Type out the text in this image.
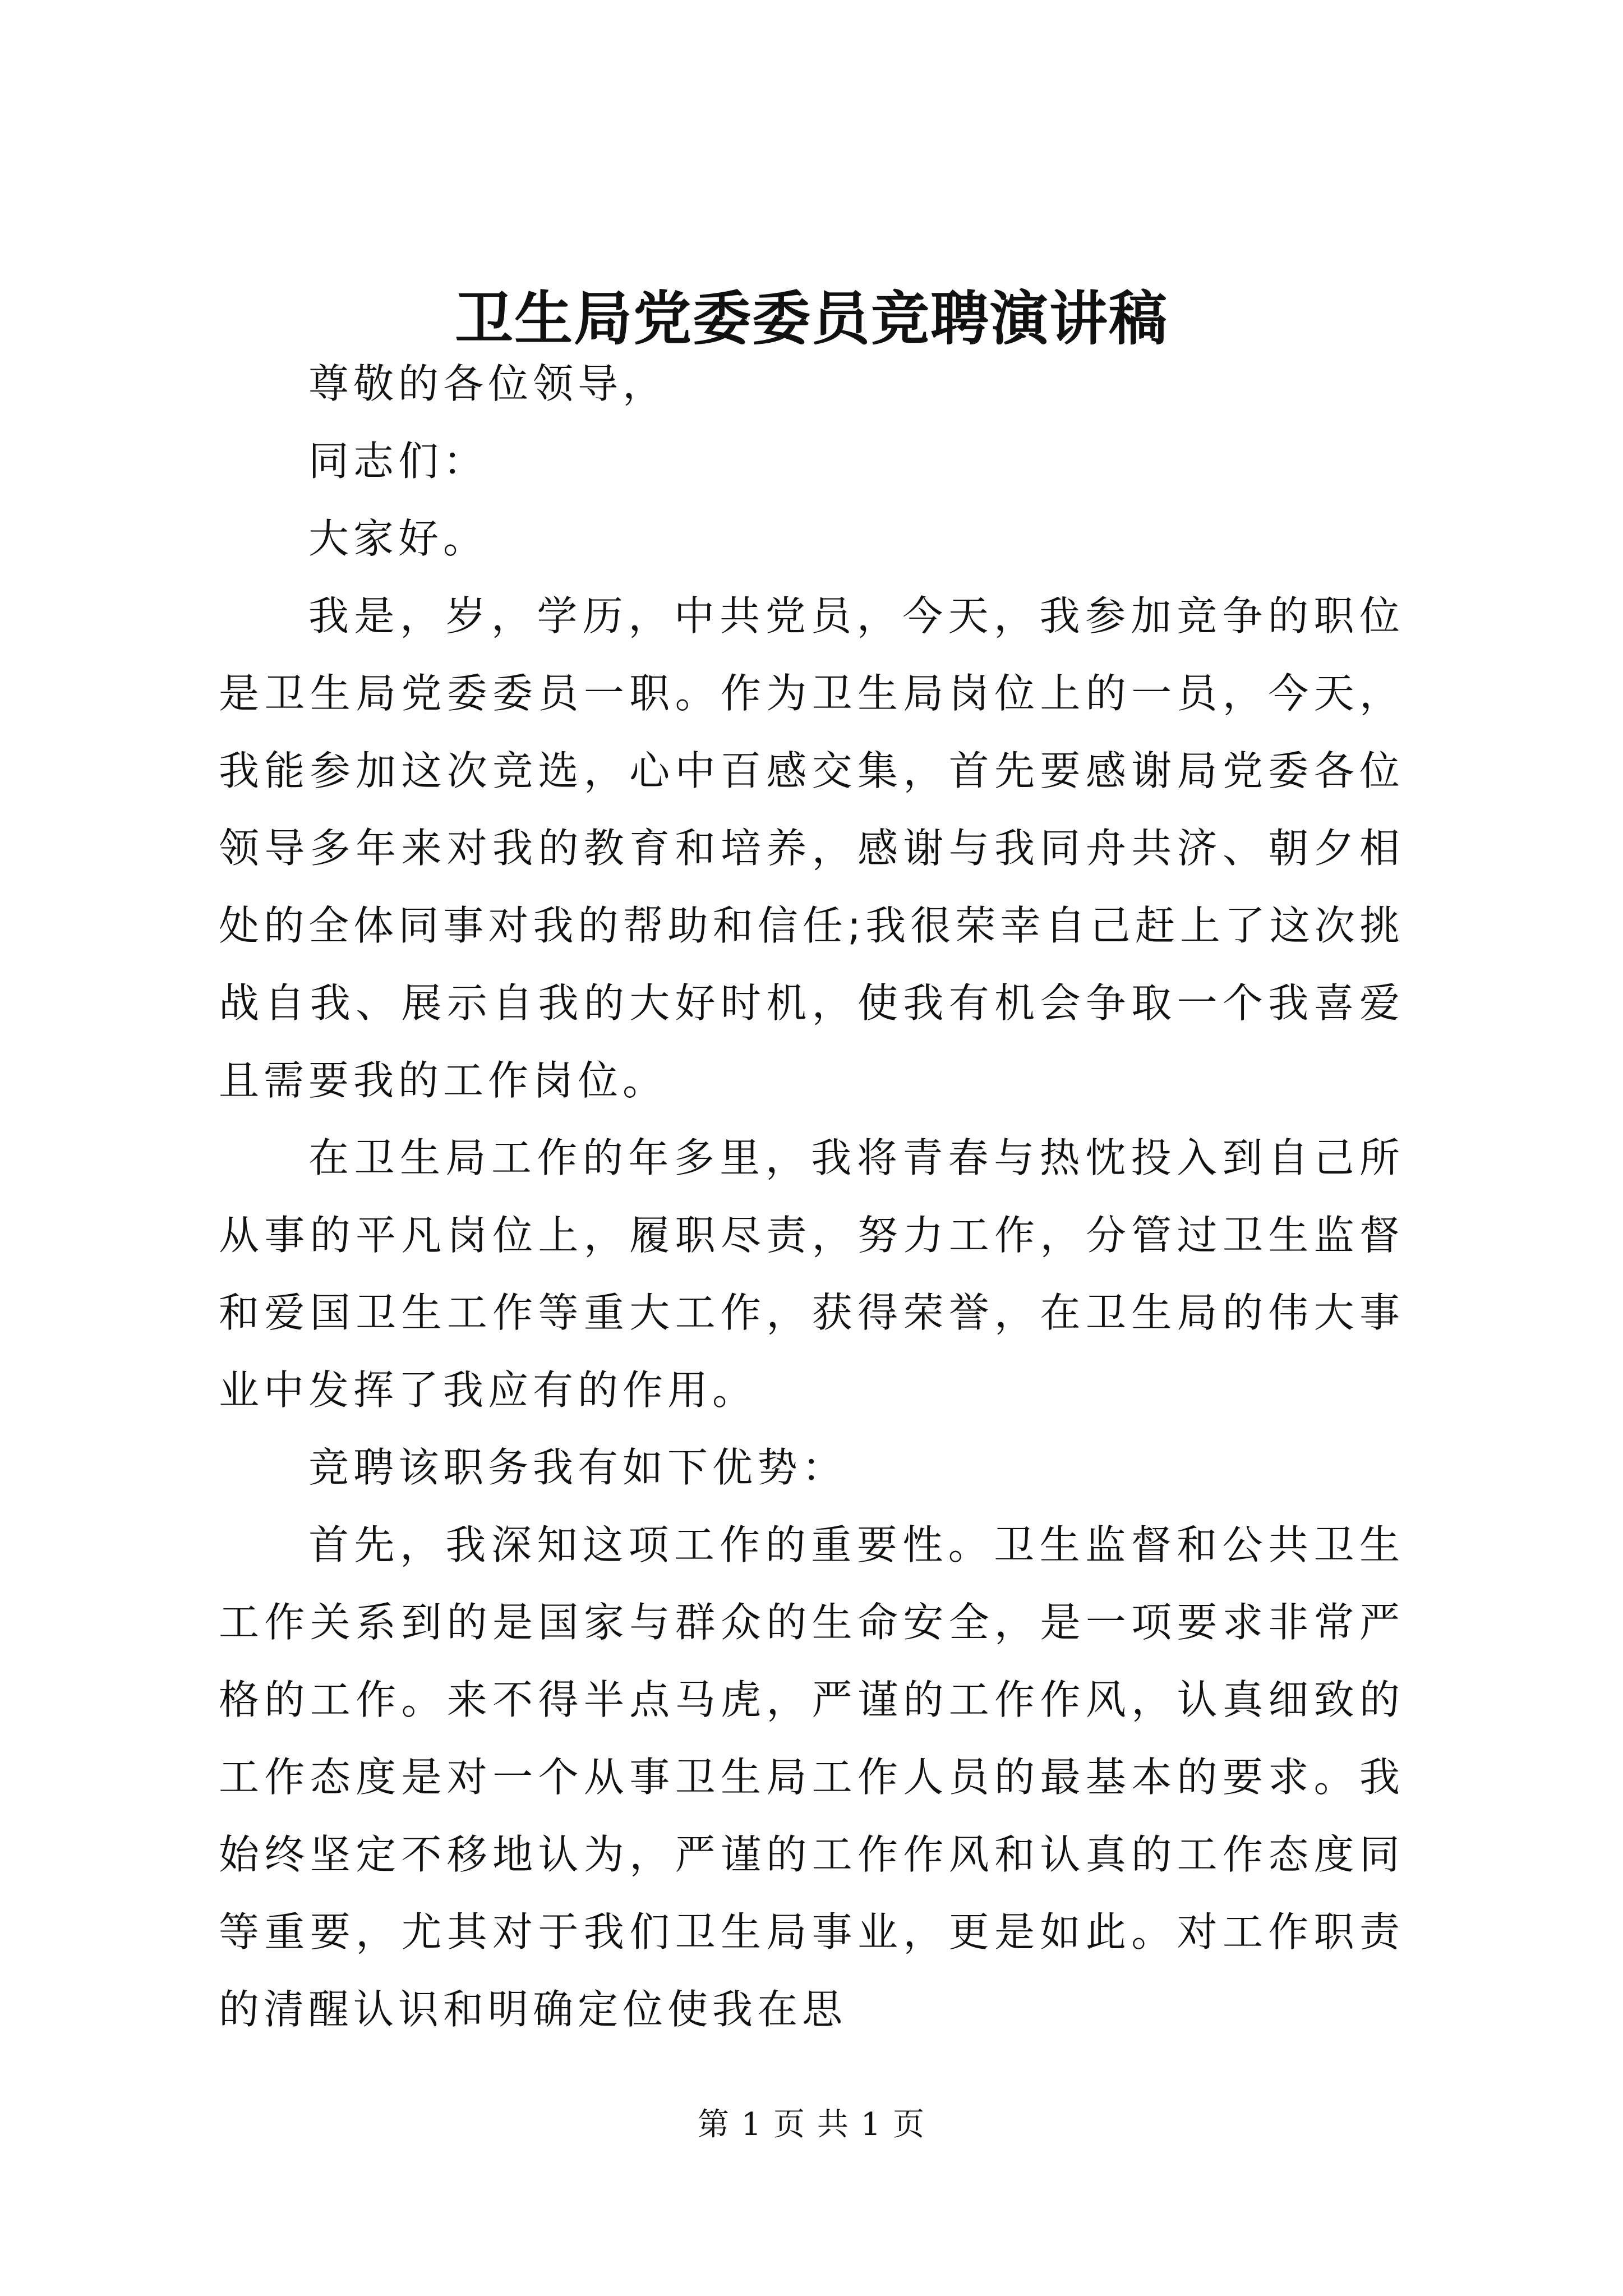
卫生局党委委员竞聘演讲稿

尊敬的各位领导，

同志们：

大家好。

我是，岁，学历，中共党员，今天，我参加竞争的职位是卫生局党委委员一职。作为卫生局岗位上的一员，今天，我能参加这次竞选，心中百感交集，首先要感谢局党委各位领导多年来对我的教育和培养，感谢与我同舟共济、朝夕相处的全体同事对我的帮助和信任;我很荣幸自己赶上了这次挑战自我、展示自我的大好时机，使我有机会争取一个我喜爱且需要我的工作岗位。

在卫生局工作的年多里，我将青春与热忱投入到自己所从事的平凡岗位上，履职尽责，努力工作，分管过卫生监督和爱国卫生工作等重大工作，获得荣誉，在卫生局的伟大事业中发挥了我应有的作用。

竞聘该职务我有如下优势：

首先，我深知这项工作的重要性。卫生监督和公共卫生工作关系到的是国家与群众的生命安全，是一项要求非常严格的工作。来不得半点马虎，严谨的工作作风，认真细致的工作态度是对一个从事卫生局工作人员的最基本的要求。我始终坚定不移地认为，严谨的工作作风和认真的工作态度同等重要，尤其对于我们卫生局事业，更是如此。对工作职责的清醒认识和明确定位使我在思

第 1 页 共 1 页
